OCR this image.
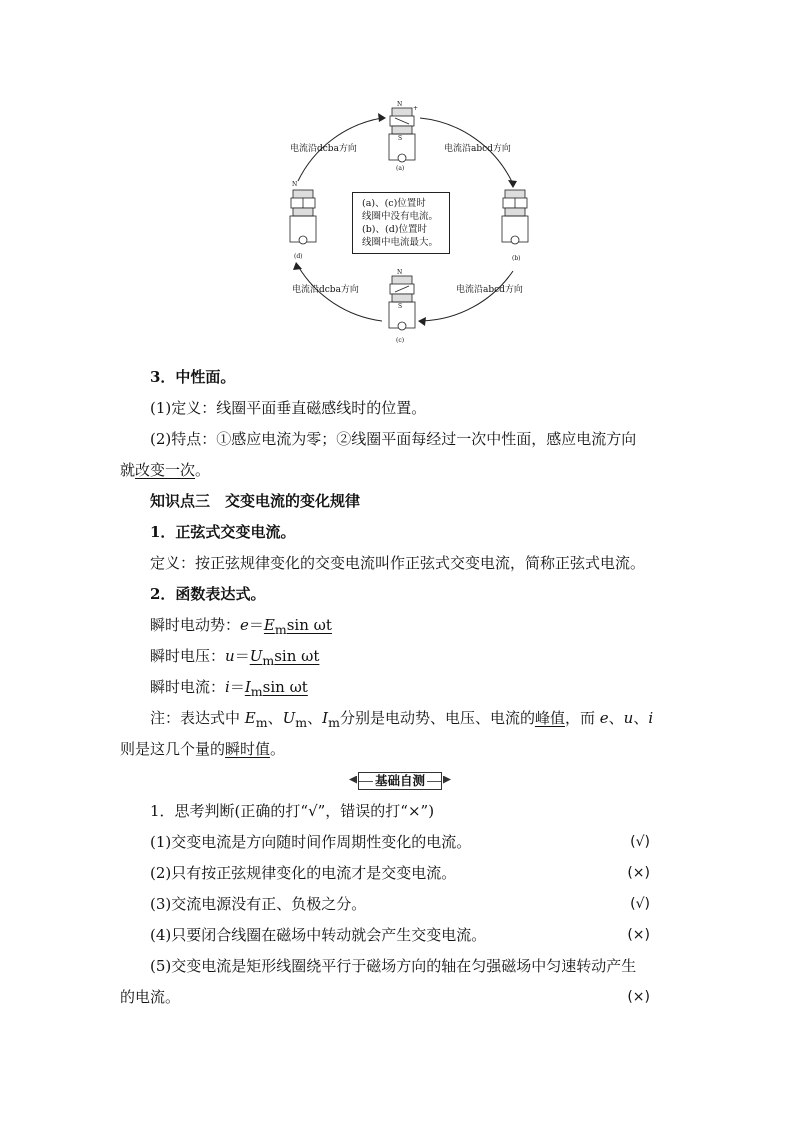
N
S
+
(a)
(b)
N
S
(c)
N
(d)
电流沿abcd方向
电流沿dcba方向
电流沿abcd方向
电流沿dcba方向
(a)、(c)位置时
线圈中没有电流。
(b)、(d)位置时
线圈中电流最大。
3．中性面。
(1)定义：线圈平面垂直磁感线时的位置。
(2)特点：①感应电流为零；②线圈平面每经过一次中性面，感应电流方向
就改变一次。
知识点三　交变电流的变化规律
1．正弦式交变电流。
定义：按正弦规律变化的交变电流叫作正弦式交变电流，简称正弦式电流。
2．函数表达式。
瞬时电动势：$e=E_m\sin$ ωt
瞬时电压：$u=U_m\sin$ ωt
瞬时电流：$i=I_m\sin$ ωt
注：表达式中 $E_m$、$U_m$、$I_m$分别是电动势、电压、电流的峰值，而 e、u、i
则是这几个量的瞬时值。
基础自测
1．思考判断(正确的打“√”，错误的打“×”)
(1)交变电流是方向随时间作周期性变化的电流。	(√)
(2)只有按正弦规律变化的电流才是交变电流。	(×)
(3)交流电源没有正、负极之分。	(√)
(4)只要闭合线圈在磁场中转动就会产生交变电流。	(×)
(5)交变电流是矩形线圈绕平行于磁场方向的轴在匀强磁场中匀速转动产生
的电流。	(×)
